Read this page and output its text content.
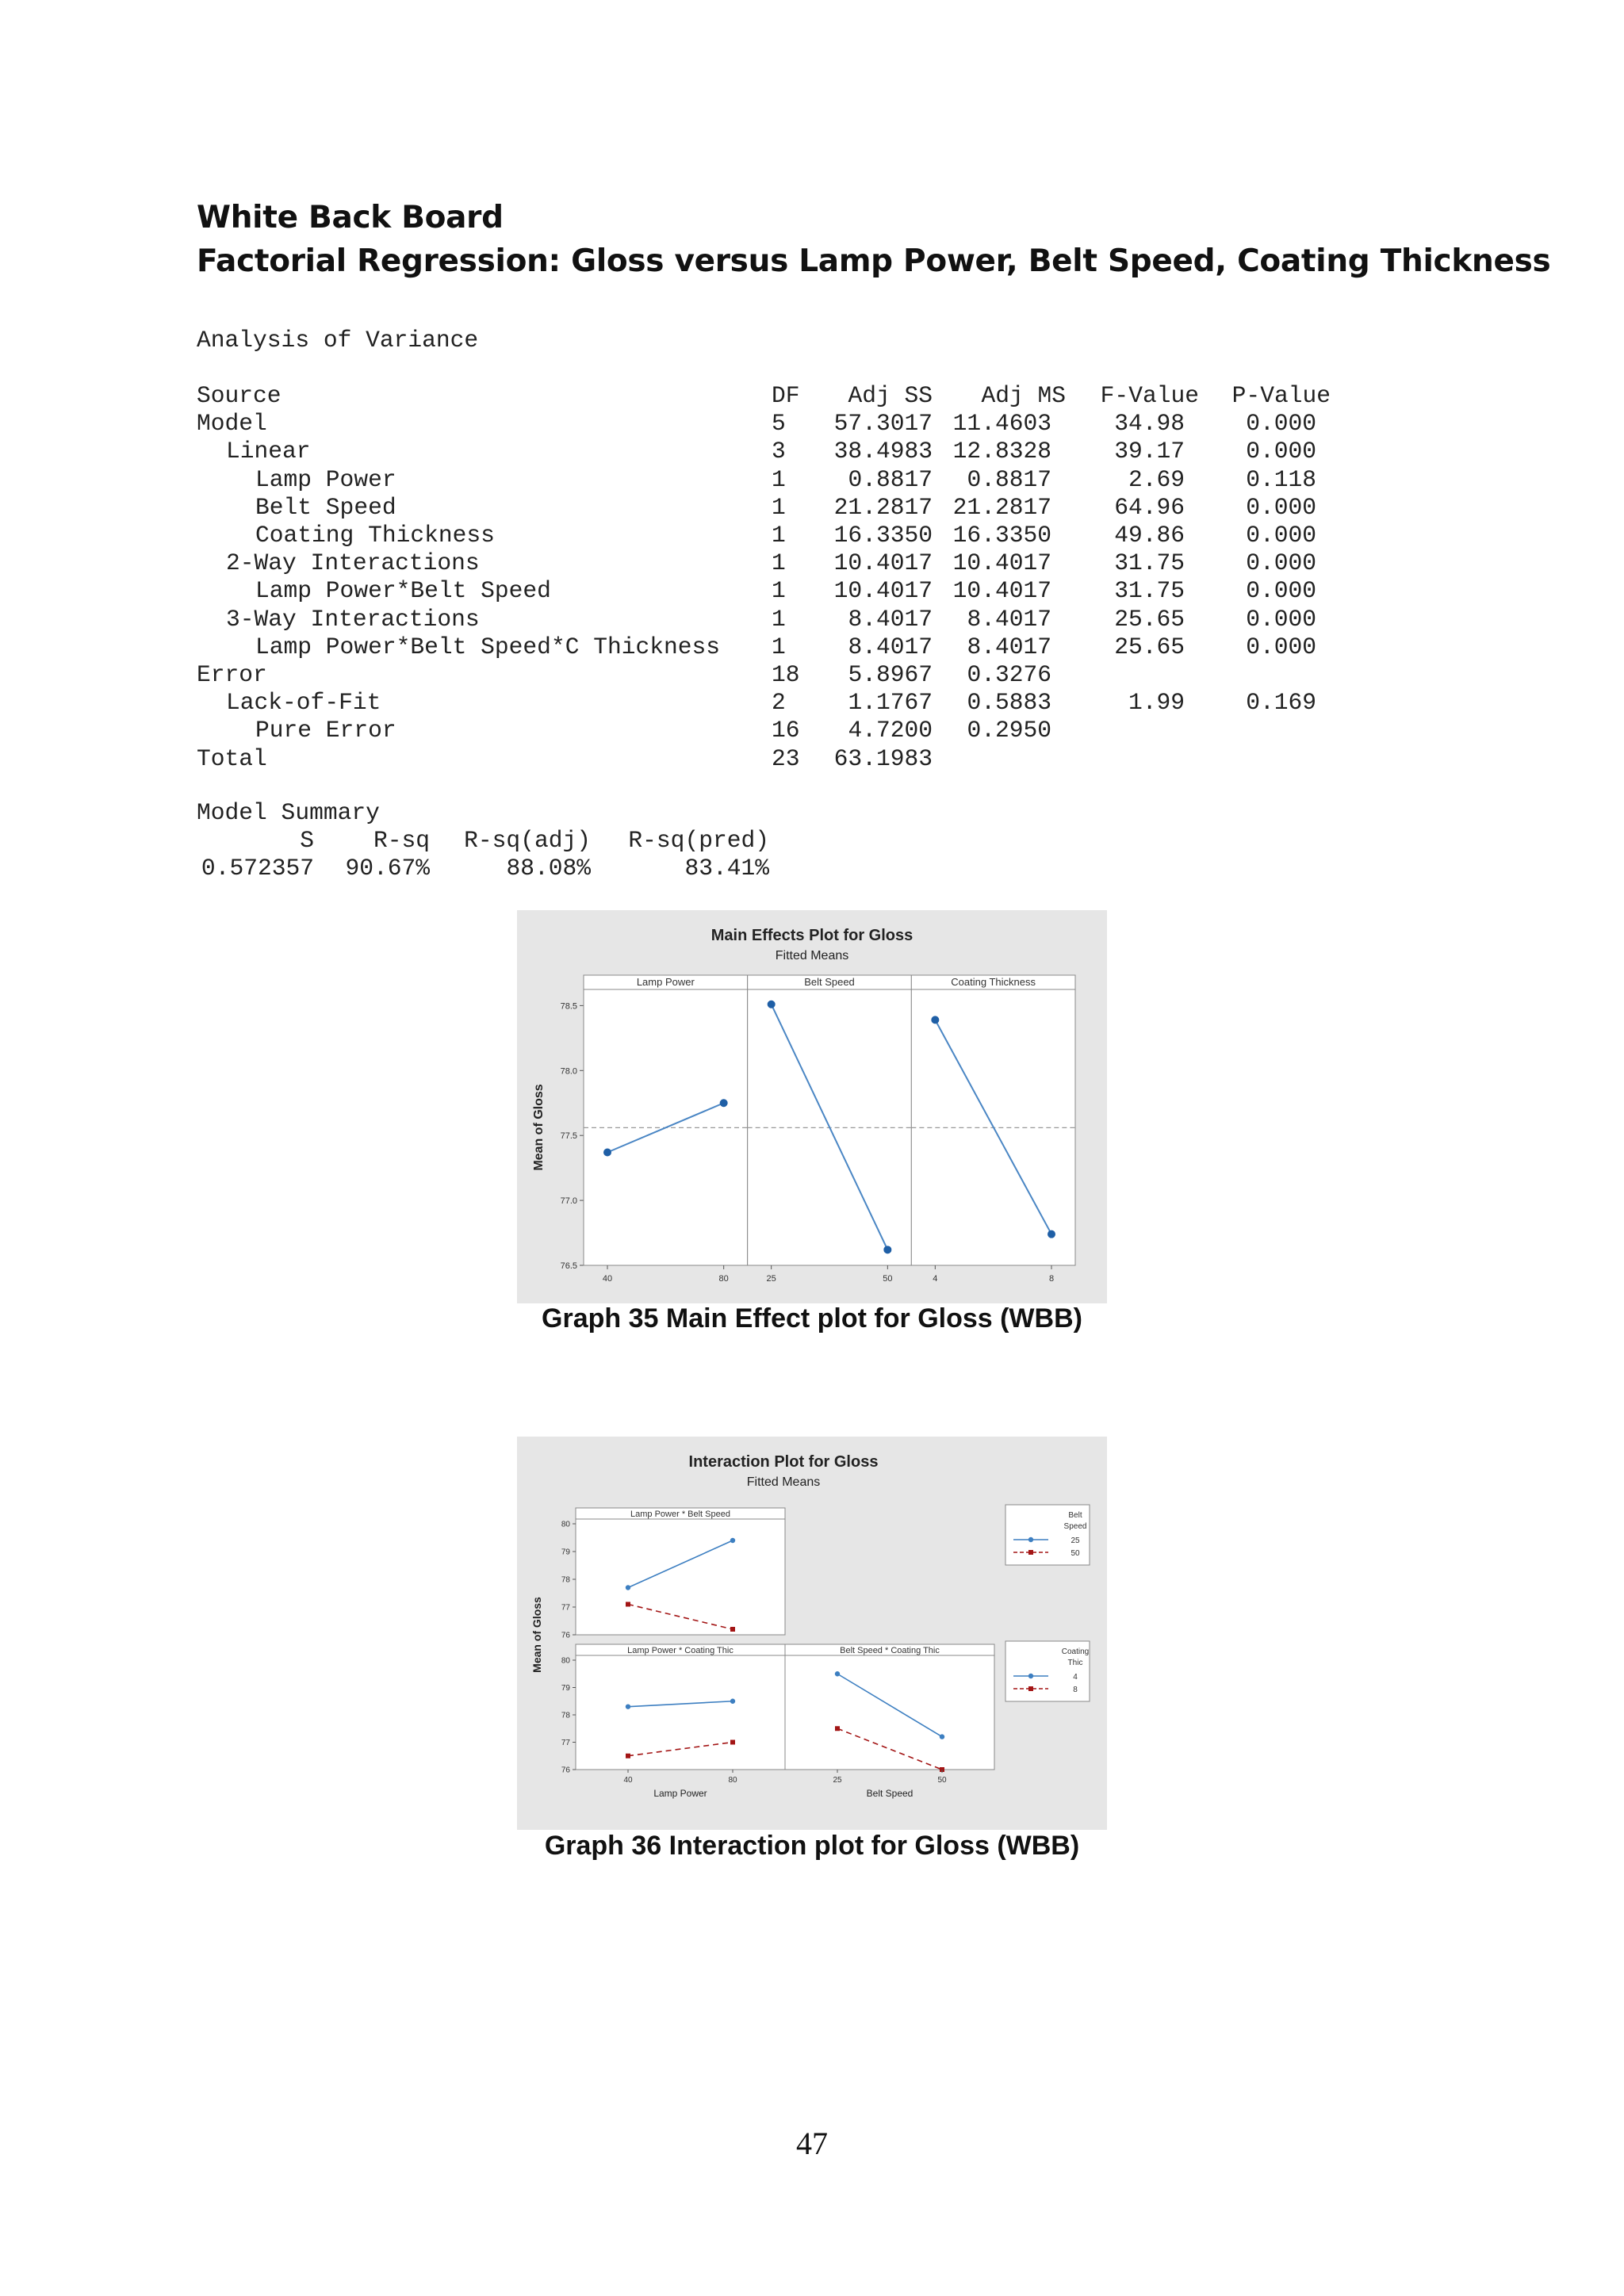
White Back Board
Factorial Regression: Gloss versus Lamp Power, Belt Speed, Coating Thickness
Analysis of Variance
Source	DF Adj SS Adj MS F-Value P-Value
Model	5 57.3017 11.4603	34.98	0.000
Linear	3 38.4983 12.8328	39.17	0.000
Lamp Power	1	0.8817 0.8817	2.69	0.118
Belt Speed	1 21.2817 21.2817	64.96	0.000
Coating Thickness	1 16.3350 16.3350	49.86	0.000
2-Way Interactions	1 10.4017 10.4017	31.75	0.000
Lamp Power*Belt Speed	1 10.4017 10.4017	31.75	0.000
3-Way Interactions	1	8.4017 8.4017	25.65	0.000
Lamp Power*Belt Speed*C Thickness 1	8.4017 8.4017	25.65	0.000
Error	18 5.8967 0.3276
Lack-of-Fit	2	1.1767 0.5883	1.99	0.169
Pure Error	16 4.7200 0.2950
Total	23 63.1983
Model Summary
S	R-sq R-sq(adj) R-sq(pred)
0.572357 90.67%	88.08%	83.41%
Main Effects Plot for Gloss
Fitted Means
Mean of Gloss
76.5
77.0
77.5
78.0
78.5
Lamp Power
40	80
Belt Speed
25	50
Coating Thickness
4	8
Graph 35 Main Effect plot for Gloss (WBB)
Interaction Plot for Gloss
Fitted Means
Mean of Gloss
Lamp Power * Belt Speed
76
77
78
79
80
Lamp Power * Coating Thic
76
77
78
79
80
40	80
Lamp Power
Belt Speed * Coating Thic
25	50
Belt Speed
Belt
Speed
25
50
Coating
Thic
4
8
Graph 36 Interaction plot for Gloss (WBB)
47
